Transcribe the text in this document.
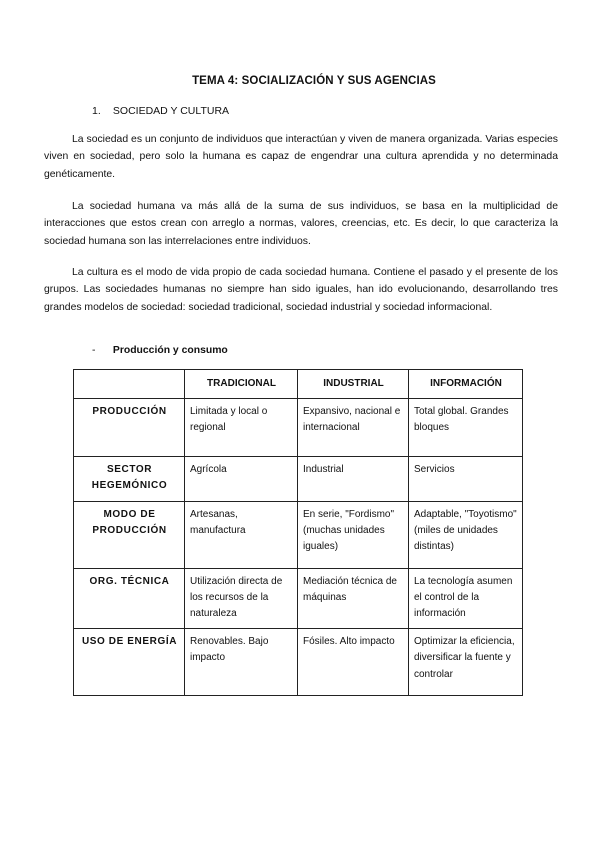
TEMA 4: SOCIALIZACIÓN Y SUS AGENCIAS
1. SOCIEDAD Y CULTURA

La sociedad es un conjunto de individuos que interactúan y viven de manera organizada. Varias especies viven en sociedad, pero solo la humana es capaz de engendrar una cultura aprendida y no determinada genéticamente.

La sociedad humana va más allá de la suma de sus individuos, se basa en la multiplicidad de interacciones que estos crean con arreglo a normas, valores, creencias, etc. Es decir, lo que caracteriza la sociedad humana son las interrelaciones entre individuos.

La cultura es el modo de vida propio de cada sociedad humana. Contiene el pasado y el presente de los grupos. Las sociedades humanas no siempre han sido iguales, han ido evolucionando, desarrollando tres grandes modelos de sociedad: sociedad tradicional, sociedad industrial y sociedad informacional.

- Producción y consumo
	TRADICIONAL	INDUSTRIAL	INFORMACIÓN
PRODUCCIÓN	Limitada y local o regional	Expansivo, nacional e internacional	Total global. Grandes bloques
SECTOR HEGEMÓNICO	Agrícola	Industrial	Servicios
MODO DE PRODUCCIÓN	Artesanas, manufactura	En serie, "Fordismo" (muchas unidades iguales)	Adaptable, "Toyotismo" (miles de unidades distintas)
ORG. TÉCNICA	Utilización directa de los recursos de la naturaleza	Mediación técnica de máquinas	La tecnología asumen el control de la información
USO DE ENERGÍA	Renovables. Bajo impacto	Fósiles. Alto impacto	Optimizar la eficiencia, diversificar la fuente y controlar
